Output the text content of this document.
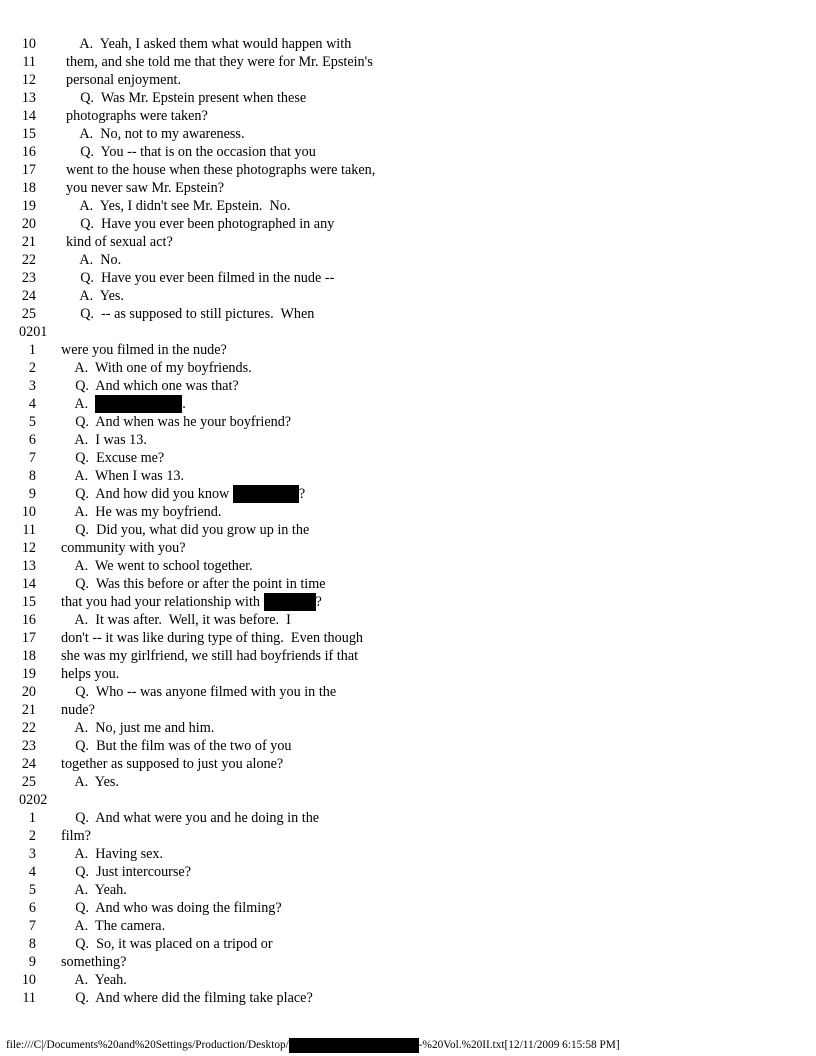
10 A.  Yeah, I asked them what would happen with
11 them, and she told me that they were for Mr. Epstein's
12 personal enjoyment.
13 Q.  Was Mr. Epstein present when these
14 photographs were taken?
15 A.  No, not to my awareness.
16 Q.  You -- that is on the occasion that you
17 went to the house when these photographs were taken,
18 you never saw Mr. Epstein?
19 A.  Yes, I didn't see Mr. Epstein.  No.
20 Q.  Have you ever been photographed in any
21 kind of sexual act?
22 A.  No.
23 Q.  Have you ever been filmed in the nude --
24 A.  Yes.
25 Q.  -- as supposed to still pictures.  When
0201
1 were you filmed in the nude?
2 A.  With one of my boyfriends.
3 Q.  And which one was that?
4 A.	.
5 Q.  And when was he your boyfriend?
6 A.  I was 13.
7 Q.  Excuse me?
8 A.  When I was 13.
9 Q.  And how did you know	?
10 A.  He was my boyfriend.
11 Q.  Did you, what did you grow up in the
12 community with you?
13 A.  We went to school together.
14 Q.  Was this before or after the point in time
15 that you had your relationship with	?
16 A.  It was after.  Well, it was before.  I
17 don't -- it was like during type of thing.  Even though
18 she was my girlfriend, we still had boyfriends if that
19 helps you.
20 Q.  Who -- was anyone filmed with you in the
21 nude?
22 A.  No, just me and him.
23 Q.  But the film was of the two of you
24 together as supposed to just you alone?
25 A.  Yes.
0202
1 Q.  And what were you and he doing in the
2 film?
3 A.  Having sex.
4 Q.  Just intercourse?
5 A.  Yeah.
6 Q.  And who was doing the filming?
7 A.  The camera.
8 Q.  So, it was placed on a tripod or
9 something?
10 A.  Yeah.
11 Q.  And where did the filming take place?
file:///C|/Documents%20and%20Settings/Production/Desktop/	-%20Vol.%20II.txt[12/11/2009 6:15:58 PM]
